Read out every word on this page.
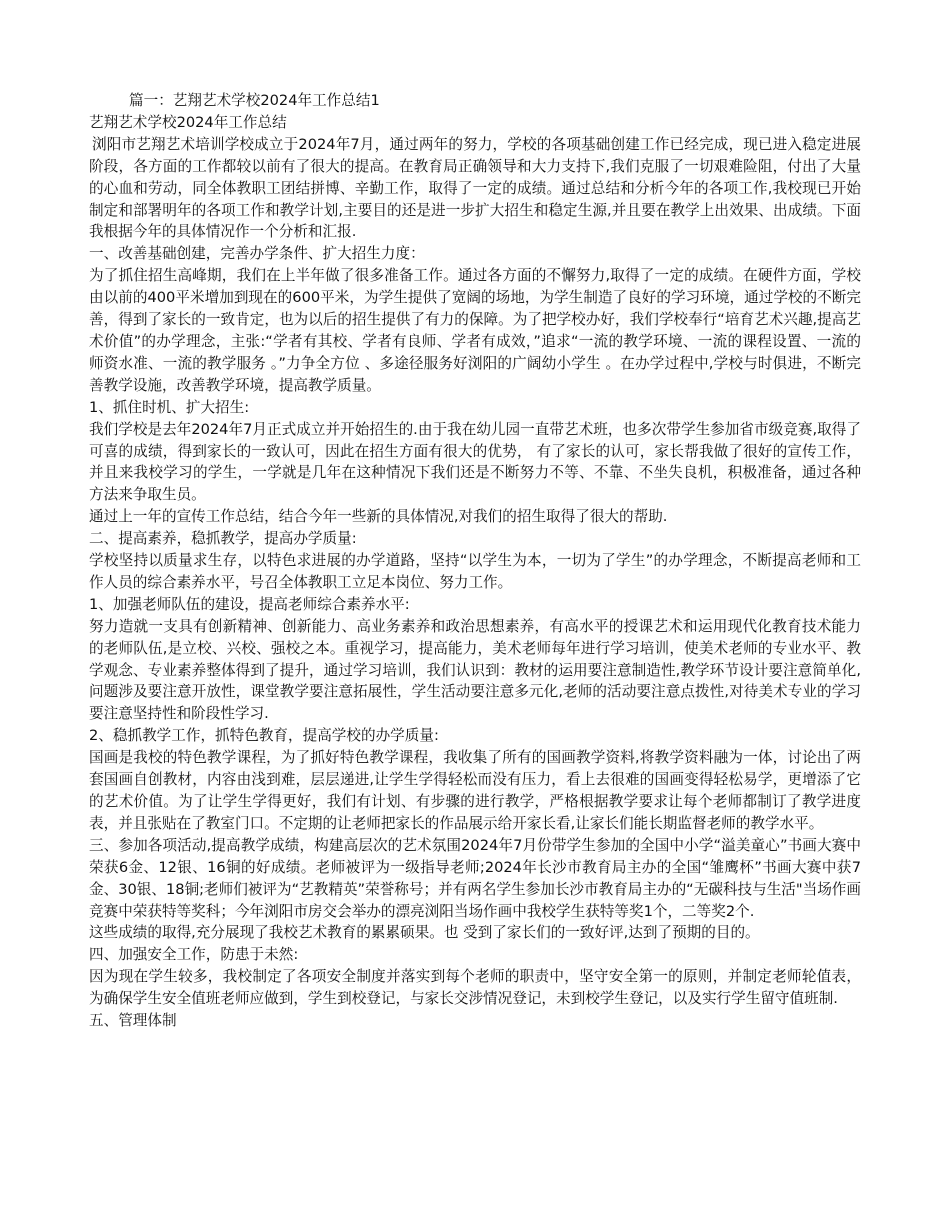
篇一：艺翔艺术学校2024年工作总结1

艺翔艺术学校2024年工作总结

浏阳市艺翔艺术培训学校成立于2024年7月，通过两年的努力，学校的各项基础创建工作已经完成，现已进入稳定进展阶段，各方面的工作都较以前有了很大的提高。在教育局正确领导和大力支持下,我们克服了一切艰难险阻，付出了大量的心血和劳动，同全体教职工团结拼博、辛勤工作，取得了一定的成绩。通过总结和分析今年的各项工作,我校现已开始制定和部署明年的各项工作和教学计划,主要目的还是进一步扩大招生和稳定生源,并且要在教学上出效果、出成绩。下面我根据今年的具体情况作一个分析和汇报.

一、改善基础创建，完善办学条件、扩大招生力度：

为了抓住招生高峰期，我们在上半年做了很多准备工作。通过各方面的不懈努力,取得了一定的成绩。在硬件方面，学校由以前的400平米增加到现在的600平米，为学生提供了宽阔的场地，为学生制造了良好的学习环境，通过学校的不断完善，得到了家长的一致肯定，也为以后的招生提供了有力的保障。为了把学校办好，我们学校奉行“培育艺术兴趣,提高艺术价值”的办学理念，主张:“学者有其校、学者有良师、学者有成效，”追求“一流的教学环境、一流的课程设置、一流的师资水准、一流的教学服务 。”力争全方位 、多途径服务好浏阳的广阔幼小学生 。在办学过程中,学校与时俱进，不断完善教学设施，改善教学环境，提高教学质量。

1、抓住时机、扩大招生:

我们学校是去年2024年7月正式成立并开始招生的.由于我在幼儿园一直带艺术班，也多次带学生参加省市级竞赛,取得了可喜的成绩，得到家长的一致认可，因此在招生方面有很大的优势， 有了家长的认可，家长帮我做了很好的宣传工作，并且来我校学习的学生，一学就是几年在这种情况下我们还是不断努力不等、不靠、不坐失良机，积极准备，通过各种方法来争取生员。

通过上一年的宣传工作总结，结合今年一些新的具体情况,对我们的招生取得了很大的帮助.

二、提高素养，稳抓教学，提高办学质量:

学校坚持以质量求生存，以特色求进展的办学道路，坚持“以学生为本，一切为了学生”的办学理念，不断提高老师和工作人员的综合素养水平，号召全体教职工立足本岗位、努力工作。

1、加强老师队伍的建设，提高老师综合素养水平:

努力造就一支具有创新精神、创新能力、高业务素养和政治思想素养，有高水平的授课艺术和运用现代化教育技术能力的老师队伍,是立校、兴校、强校之本。重视学习，提高能力，美术老师每年进行学习培训，使美术老师的专业水平、教学观念、专业素养整体得到了提升，通过学习培训，我们认识到：教材的运用要注意制造性,教学环节设计要注意简单化,问题涉及要注意开放性，课堂教学要注意拓展性，学生活动要注意多元化,老师的活动要注意点拨性,对待美术专业的学习要注意坚持性和阶段性学习.

2、稳抓教学工作，抓特色教育，提高学校的办学质量:

国画是我校的特色教学课程，为了抓好特色教学课程，我收集了所有的国画教学资料,将教学资料融为一体，讨论出了两套国画自创教材，内容由浅到难，层层递进,让学生学得轻松而没有压力，看上去很难的国画变得轻松易学，更增添了它的艺术价值。为了让学生学得更好，我们有计划、有步骤的进行教学，严格根据教学要求让每个老师都制订了教学进度表，并且张贴在了教室门口。不定期的让老师把家长的作品展示给开家长看,让家长们能长期监督老师的教学水平。

三、参加各项活动,提高教学成绩，构建高层次的艺术氛围2024年7月份带学生参加的全国中小学“溢美童心”书画大赛中荣获6金、12银、16铜的好成绩。老师被评为一级指导老师;2024年长沙市教育局主办的全国“雏鹰杯”书画大赛中获7金、30银、18铜;老师们被评为“艺教精英”荣誉称号；并有两名学生参加长沙市教育局主办的“无碳科技与生活"当场作画竞赛中荣获特等奖科；今年浏阳市房交会举办的漂亮浏阳当场作画中我校学生获特等奖1个，二等奖2个.

这些成绩的取得,充分展现了我校艺术教育的累累硕果。也 受到了家长们的一致好评,达到了预期的目的。

四、加强安全工作，防患于未然:

因为现在学生较多，我校制定了各项安全制度并落实到每个老师的职责中，坚守安全第一的原则，并制定老师轮值表，为确保学生安全值班老师应做到，学生到校登记，与家长交涉情况登记，未到校学生登记，以及实行学生留守值班制.

五、管理体制
